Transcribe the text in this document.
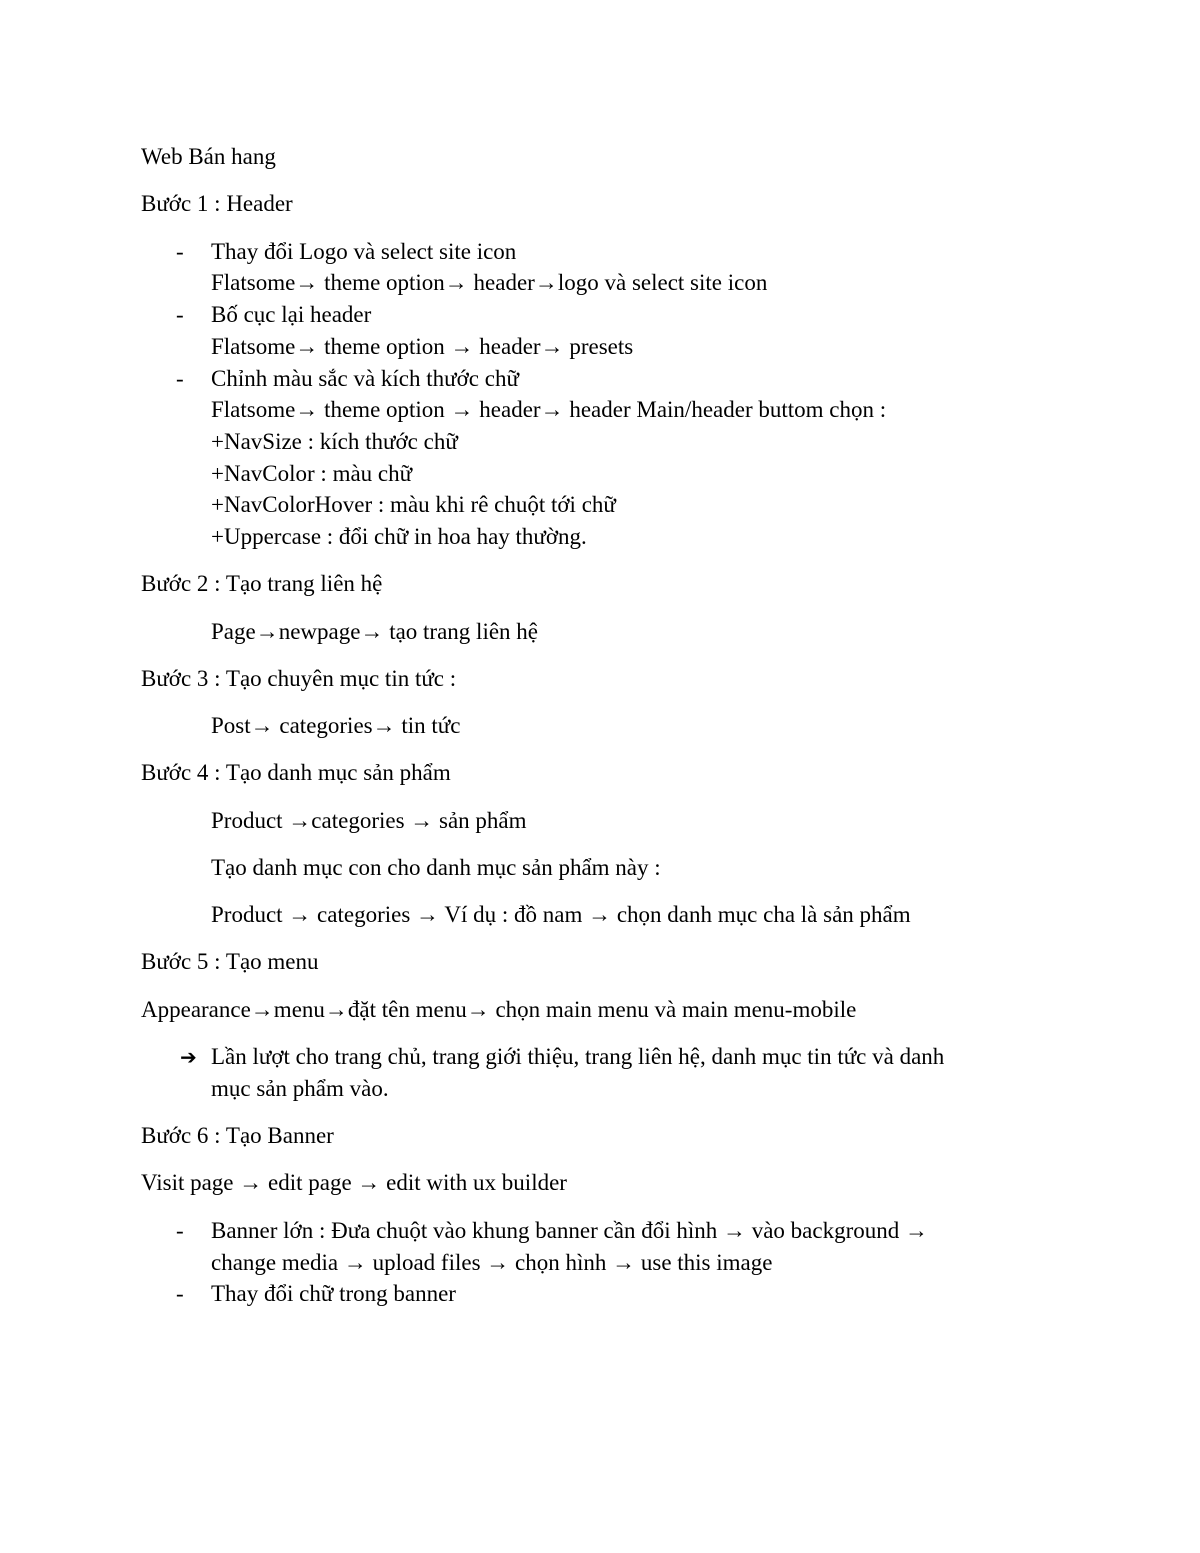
Web Bán hang
Bước 1 : Header
- Thay đổi Logo và select site icon
Flatsome→ theme option→ header→logo và select site icon
- Bố cục lại header
Flatsome→ theme option → header→ presets
- Chỉnh màu sắc và kích thước chữ
Flatsome→ theme option → header→ header Main/header buttom chọn :
+NavSize : kích thước chữ
+NavColor : màu chữ
+NavColorHover : màu khi rê chuột tới chữ
+Uppercase : đổi chữ in hoa hay thường.
Bước 2 : Tạo trang liên hệ
Page→newpage→ tạo trang liên hệ
Bước 3 : Tạo chuyên mục tin tức :
Post→ categories→ tin tức
Bước 4 : Tạo danh mục sản phẩm
Product →categories → sản phẩm
Tạo danh mục con cho danh mục sản phẩm này :
Product → categories → Ví dụ : đồ nam → chọn danh mục cha là sản phẩm
Bước 5 : Tạo menu
Appearance→menu→đặt tên menu→ chọn main menu và main menu-mobile
➔ Lần lượt cho trang chủ, trang giới thiệu, trang liên hệ, danh mục tin tức và danh
mục sản phẩm vào.
Bước 6 : Tạo Banner
Visit page → edit page → edit with ux builder
- Banner lớn : Đưa chuột vào khung banner cần đổi hình → vào background →
change media → upload files → chọn hình → use this image
- Thay đổi chữ trong banner
